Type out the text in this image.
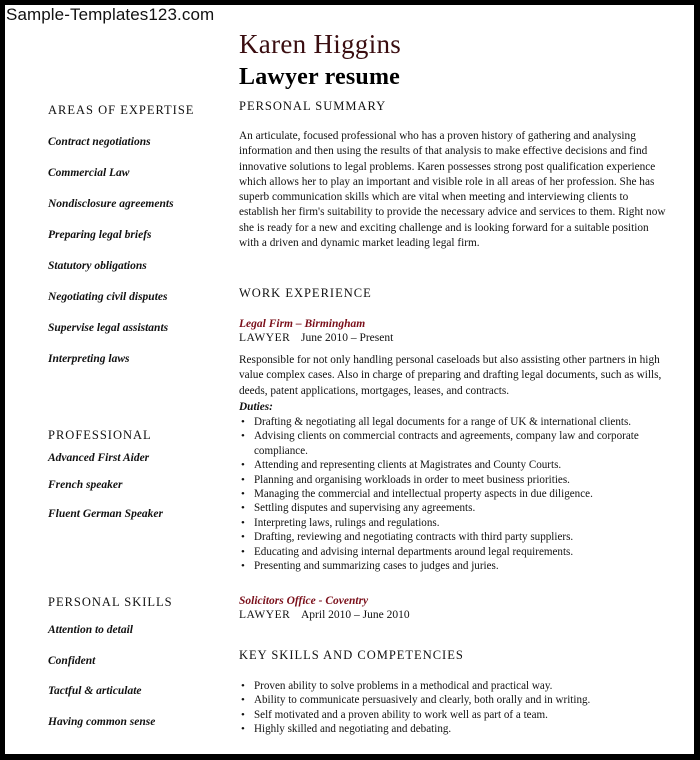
Sample-Templates123.com
Karen Higgins
Lawyer resume
AREAS OF EXPERTISE
Contract negotiations
Commercial Law
Nondisclosure agreements
Preparing legal briefs
Statutory obligations
Negotiating civil disputes
Supervise legal assistants
Interpreting laws
PROFESSIONAL
Advanced First Aider
French speaker
Fluent German Speaker
PERSONAL SKILLS
Attention to detail
Confident
Tactful & articulate
Having common sense
PERSONAL SUMMARY
An articulate, focused professional who has a proven history of gathering and analysing information and then using the results of that analysis to make effective decisions and find innovative solutions to legal problems. Karen possesses strong post qualification experience which allows her to play an important and visible role in all areas of her profession. She has superb communication skills which are vital when meeting and interviewing clients to establish her firm's suitability to provide the necessary advice and services to them. Right now she is ready for a new and exciting challenge and is looking forward for a suitable position with a driven and dynamic market leading legal firm.
WORK EXPERIENCE
Legal Firm – Birmingham
LAWYER June 2010 – Present
Responsible for not only handling personal caseloads but also assisting other partners in high value complex cases. Also in charge of preparing and drafting legal documents, such as wills, deeds, patent applications, mortgages, leases, and contracts.
Duties:
• Drafting & negotiating all legal documents for a range of UK & international clients.
• Advising clients on commercial contracts and agreements, company law and corporate compliance.
• Attending and representing clients at Magistrates and County Courts.
• Planning and organising workloads in order to meet business priorities.
• Managing the commercial and intellectual property aspects in due diligence.
• Settling disputes and supervising any agreements.
• Interpreting laws, rulings and regulations.
• Drafting, reviewing and negotiating contracts with third party suppliers.
• Educating and advising internal departments around legal requirements.
• Presenting and summarizing cases to judges and juries.
Solicitors Office - Coventry
LAWYER April 2010 – June 2010
KEY SKILLS AND COMPETENCIES
• Proven ability to solve problems in a methodical and practical way.
• Ability to communicate persuasively and clearly, both orally and in writing.
• Self motivated and a proven ability to work well as part of a team.
• Highly skilled and negotiating and debating.
